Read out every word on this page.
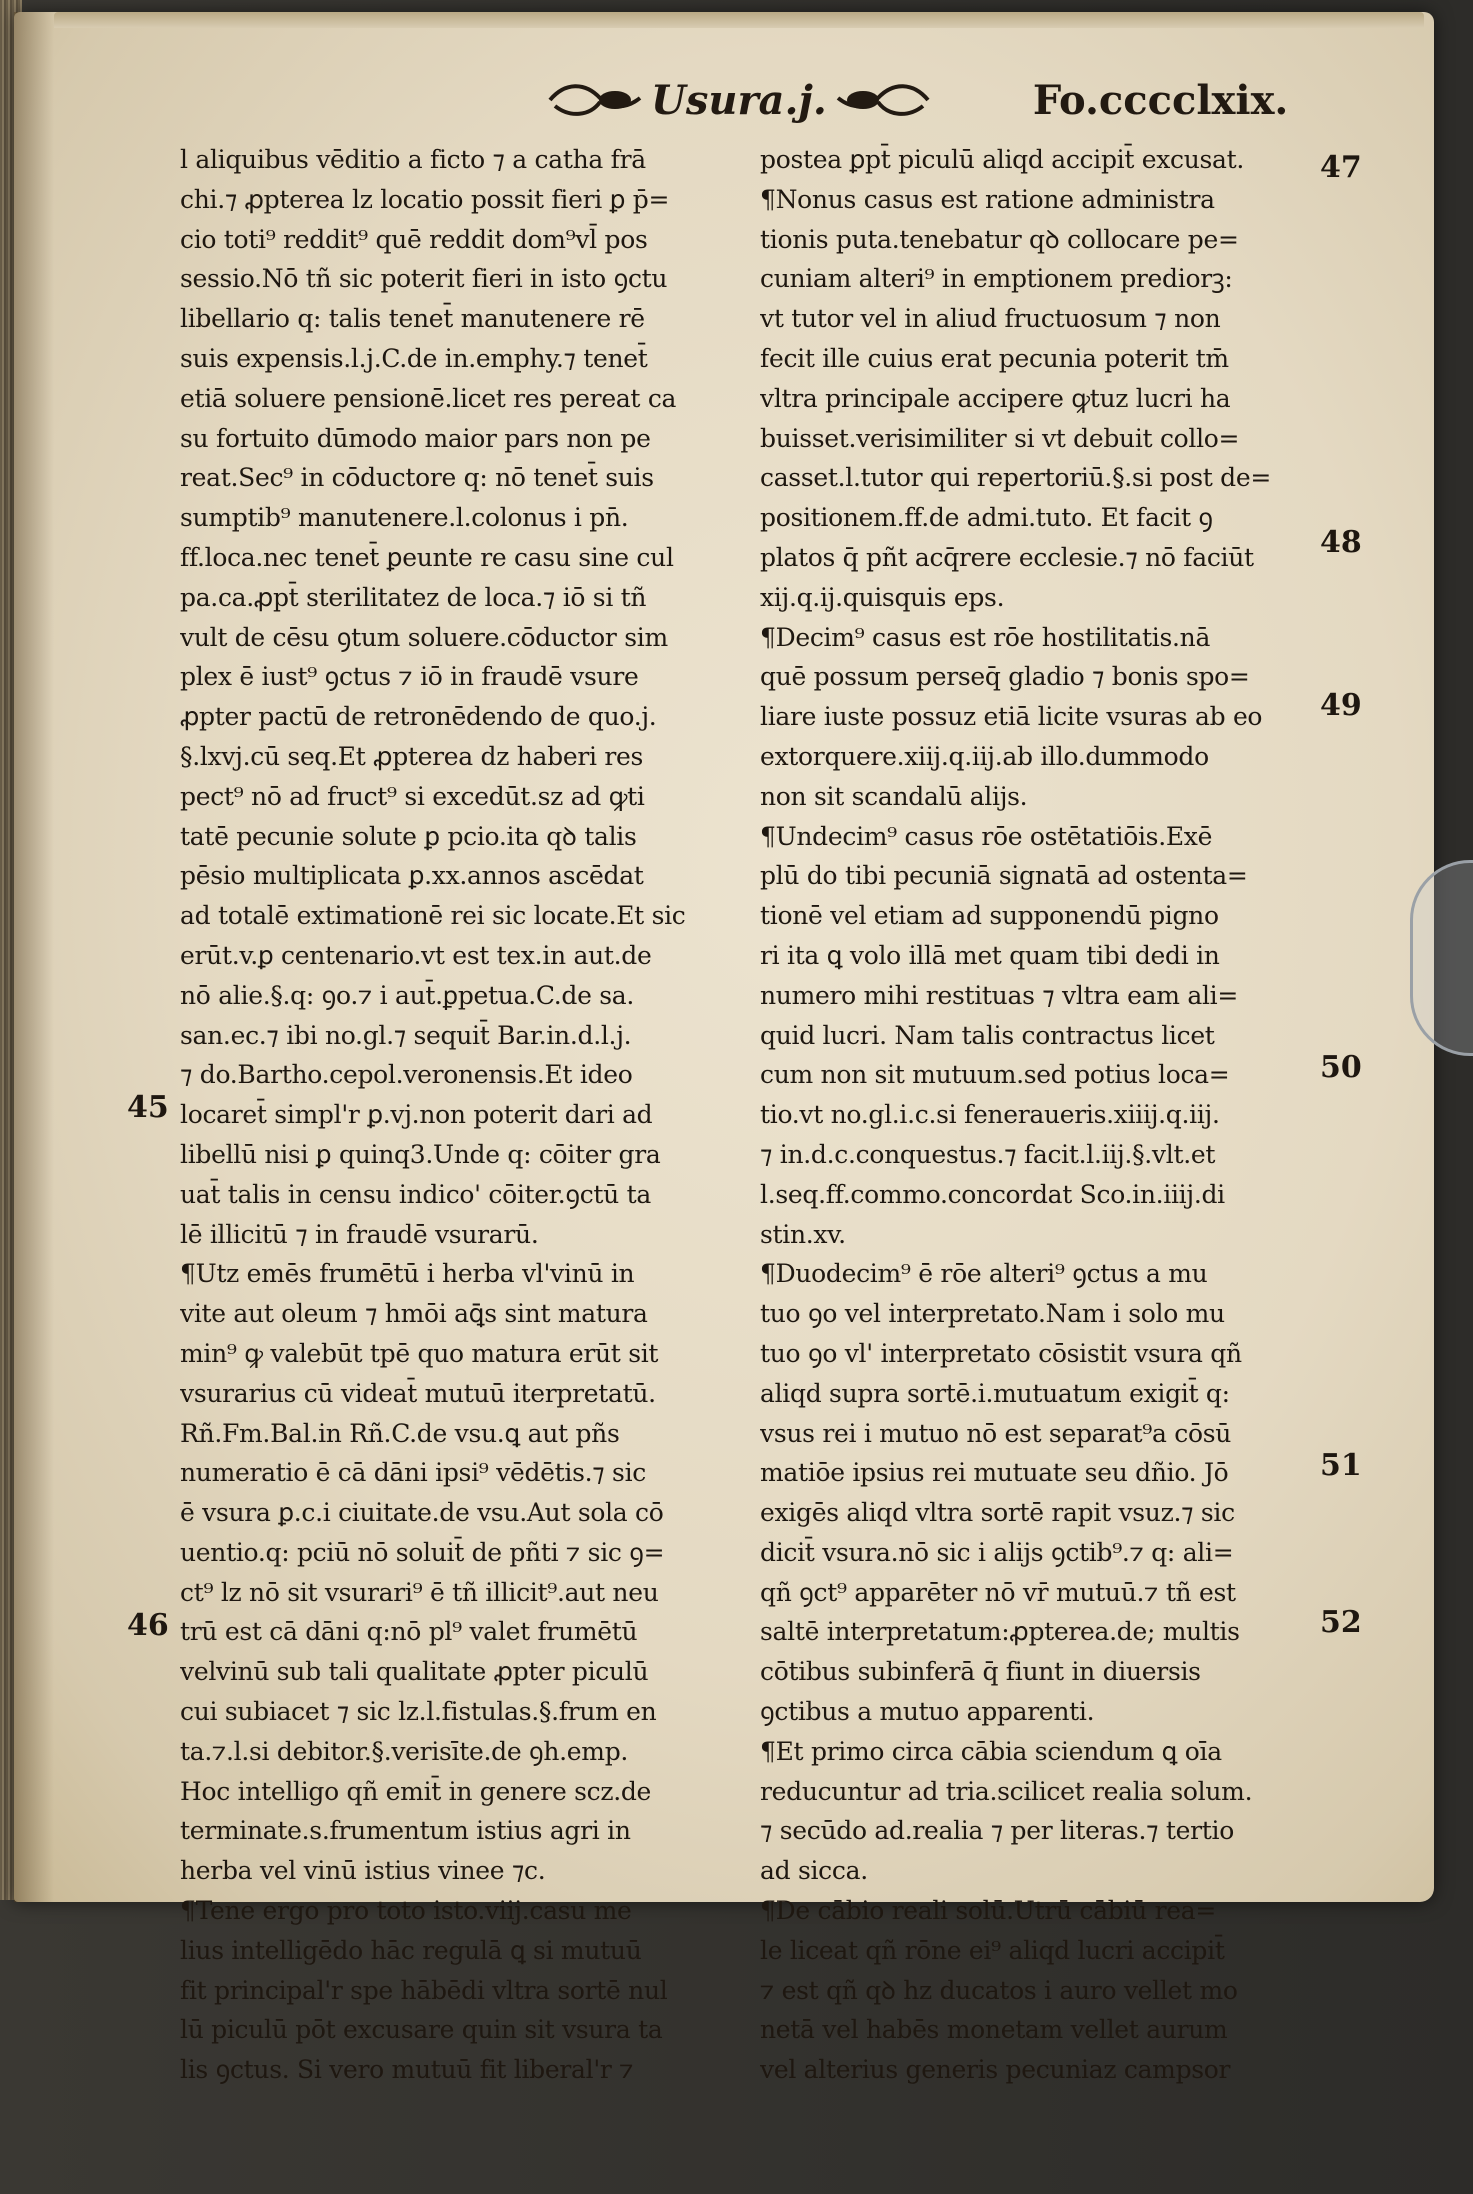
Usura.j.	Fo.cccclxix.
l aliquibus vēditio a ficto ⁊ a catha frā
chi.⁊ ꝓpterea lz locatio possit fieri ꝑ p̄=
cio toti⁹ reddit⁹ quē reddit dom⁹vl̄ pos
sessio.Nō tñ sic poterit fieri in isto ꝯctu
libellario q: talis tenet̄ manutenere rē
suis expensis.l.j.C.de in.emphy.⁊ tenet̄
etiā soluere pensionē.licet res pereat ca
su fortuito dūmodo maior pars non pe
reat.Sec⁹ in cōductore q: nō tenet̄ suis
sumptib⁹ manutenere.l.colonus i pn̄.
ff.loca.nec tenet̄ ꝑeunte re casu sine cul
pa.ca.ꝓpt̄ sterilitatez de loca.⁊ iō si tñ
vult de cēsu ꝯtum soluere.cōductor sim
plex ē iust⁹ ꝯctus ⁊ iō in fraudē vsure
ꝓpter pactū de retronēdendo de quo.j.
§.lxvj.cū seq.Et ꝓpterea dz haberi res
pect⁹ nō ad fruct⁹ si excedūt.sz ad ꝙti
tatē pecunie solute ꝑ pcio.ita qꝺ talis
pēsio multiplicata ꝑ.xx.annos ascēdat
ad totalē extimationē rei sic locate.Et sic
erūt.v.ꝑ centenario.vt est tex.in aut.de
nō alie.§.q: ꝯo.⁊ i aut̄.ꝑpetua.C.de sa.
san.ec.⁊ ibi no.gl.⁊ sequit̄ Bar.in.d.l.j.
⁊ do.Bartho.cepol.veronensis.Et ideo
locaret̄ simpl'r ꝑ.vj.non poterit dari ad
libellū nisi ꝑ quinq3.Unde q: cōiter gra
uat̄ talis in censu indico' cōiter.ꝯctū ta
lē illicitū ⁊ in fraudē vsurarū.
¶Utz emēs frumētū i herba vl'vinū in
vite aut oleum ⁊ hmōi aꝗ̄s sint matura
min⁹ ꝙ valebūt tpē quo matura erūt sit
vsurarius cū videat̄ mutuū iterpretatū.
Rñ.Fm.Bal.in Rñ.C.de vsu.ꝗ aut pñs
numeratio ē cā dāni ipsi⁹ vēdētis.⁊ sic
ē vsura ꝑ.c.i ciuitate.de vsu.Aut sola cō
uentio.q: pciū nō soluit̄ de pñti ⁊ sic ꝯ=
ct⁹ lz nō sit vsurari⁹ ē tñ illicit⁹.aut neu
trū est cā dāni q:nō pl⁹ valet frumētū
velvinū sub tali qualitate ꝓpter piculū
cui subiacet ⁊ sic lz.l.fistulas.§.frum en
ta.⁊.l.si debitor.§.verisīte.de ꝯh.emp.
Hoc intelligo qñ emit̄ in genere scz.de
terminate.s.frumentum istius agri in
herba vel vinū istius vinee ⁊c.
¶Tene ergo pro toto isto.viij.casu me
lius intelligēdo hāc regulā ꝗ si mutuū
fit principal'r spe hābēdi vltra sortē nul
lū piculū pōt excusare quin sit vsura ta
lis ꝯctus. Si vero mutuū fit liberal'r ⁊
postea ꝑpt̄ piculū aliqd accipit̄ excusat.
¶Nonus casus est ratione administra
tionis puta.tenebatur qꝺ collocare pe=
cuniam alteri⁹ in emptionem prediorꝫ:
vt tutor vel in aliud fructuosum ⁊ non
fecit ille cuius erat pecunia poterit tm̄
vltra principale accipere ꝙtuz lucri ha
buisset.verisimiliter si vt debuit collo=
casset.l.tutor qui repertoriū.§.si post de=
positionem.ff.de admi.tuto. Et facit ꝯ
platos q̄ pñt acq̄rere ecclesie.⁊ nō faciūt
xij.q.ij.quisquis eps.
¶Decim⁹ casus est rōe hostilitatis.nā
quē possum perseq̄ gladio ⁊ bonis spo=
liare iuste possuz etiā licite vsuras ab eo
extorquere.xiij.q.iij.ab illo.dummodo
non sit scandalū alijs.
¶Undecim⁹ casus rōe ostētatiōis.Exē
plū do tibi pecuniā signatā ad ostenta=
tionē vel etiam ad supponendū pigno
ri ita ꝗ volo illā met quam tibi dedi in
numero mihi restituas ⁊ vltra eam ali=
quid lucri. Nam talis contractus licet
cum non sit mutuum.sed potius loca=
tio.vt no.gl.i.c.si feneraueris.xiiij.q.iij.
⁊ in.d.c.conquestus.⁊ facit.l.iij.§.vlt.et
l.seq.ff.commo.concordat Sco.in.iiij.di
stin.xv.
¶Duodecim⁹ ē rōe alteri⁹ ꝯctus a mu
tuo ꝯo vel interpretato.Nam i solo mu
tuo ꝯo vl' interpretato cōsistit vsura qñ
aliqd supra sortē.i.mutuatum exigit̄ q:
vsus rei i mutuo nō est separat⁹a cōsū
matiōe ipsius rei mutuate seu dñio. Jō
exigēs aliqd vltra sortē rapit vsuz.⁊ sic
dicit̄ vsura.nō sic i alijs ꝯctib⁹.⁊ q: ali=
qñ ꝯct⁹ apparēter nō vr̄ mutuū.⁊ tñ est
saltē interpretatum:ꝓpterea.de; multis
cōtibus subinferā q̄ fiunt in diuersis
ꝯctibus a mutuo apparenti.
¶Et primo circa cābia sciendum ꝗ oīa
reducuntur ad tria.scilicet realia solum.
⁊ secūdo ad.realia ⁊ per literas.⁊ tertio
ad sicca.
¶De cābio reali solū.Utrū cābiū rea=
le liceat qñ rōne ei⁹ aliqd lucri accipit̄
⁊ est qñ qꝺ hz ducatos i auro vellet mo
netā vel habēs monetam vellet aurum
vel alterius generis pecuniaz campsor
45
46
47
48
49
50
51
52
